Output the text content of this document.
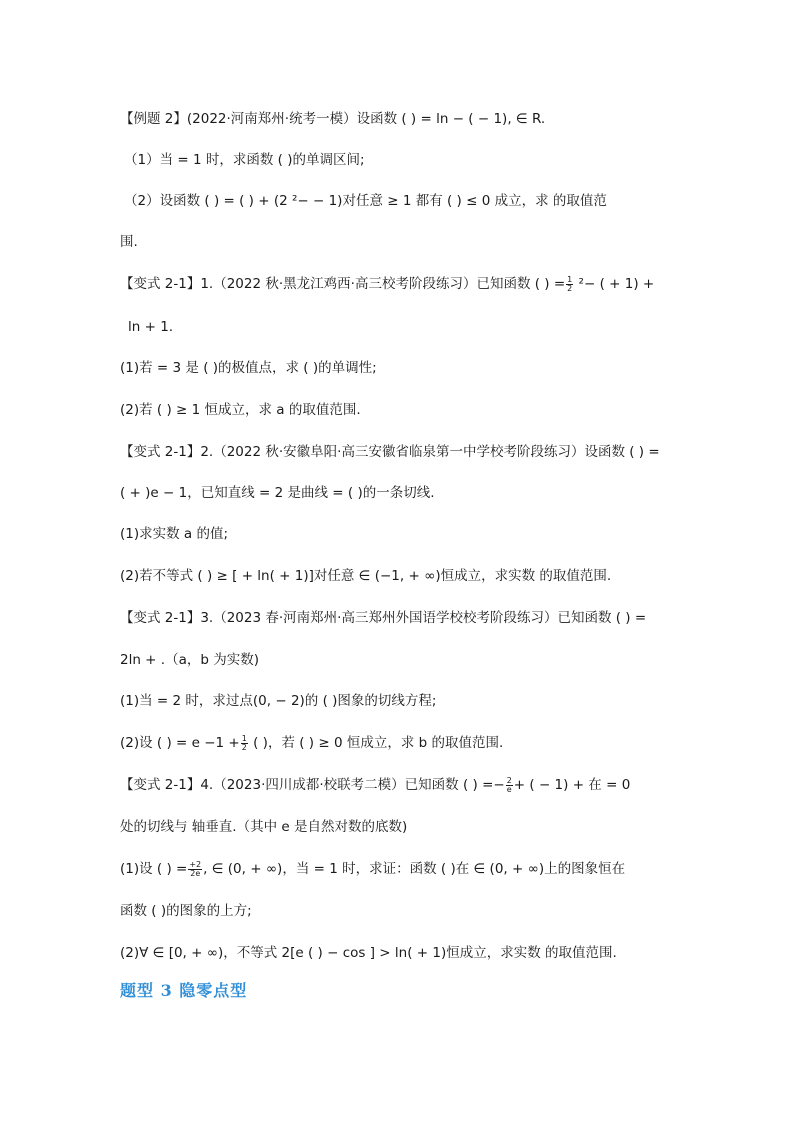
【例题 2】(2022·河南郑州·统考一模）设函数 ( ) = ln − ( − 1), ∈ R.
（1）当 = 1 时，求函数 ( )的单调区间;
（2）设函数 ( ) = ( ) + (2 ²− − 1)对任意 ≥ 1 都有 ( ) ≤ 0 成立，求 的取值范
围.
【变式 2-1】1.（2022 秋·黑龙江鸡西·高三校考阶段练习）已知函数 ( ) = $\frac{1}{2} ^2-$ ( + 1) +
ln + 1.
(1)若 = 3 是 ( )的极值点，求 ( )的单调性;
(2)若 ( ) ≥ 1 恒成立，求 a 的取值范围.
【变式 2-1】2.（2022 秋·安徽阜阳·高三安徽省临泉第一中学校考阶段练习）设函数 ( ) =
( + )e − 1，已知直线 = 2 是曲线 = ( )的一条切线.
(1)求实数 a 的值;
(2)若不等式 ( ) ≥ [ + ln( + 1)]对任意 ∈ (−1, + ∞)恒成立，求实数 的取值范围.
【变式 2-1】3.（2023 春·河南郑州·高三郑州外国语学校校考阶段练习）已知函数 ( ) =
2ln + .（a，b 为实数)
(1)当 = 2 时，求过点(0, − 2)的 ( )图象的切线方程;
(2)设 ( ) = $e -1 + \frac{1}{2}$ ( )，若 ( ) ≥ 0 恒成立，求 b 的取值范围.
【变式 2-1】4.（2023·四川成都·校联考二模）已知函数 ( ) =− $\frac{2}{e}$ + ( − 1) + 在 = 0
处的切线与 轴垂直.（其中 e 是自然对数的底数)
(1)设 ( ) = $\frac{+2}{2e}$ , ∈ (0, + ∞)，当 = 1 时，求证：函数 ( )在 ∈ (0, + ∞)上的图象恒在
函数 ( )的图象的上方;
(2)∀ ∈ [0, + ∞)，不等式 2[e ( ) − cos ] > ln( + 1)恒成立，求实数 的取值范围.
题型 3 隐零点型
